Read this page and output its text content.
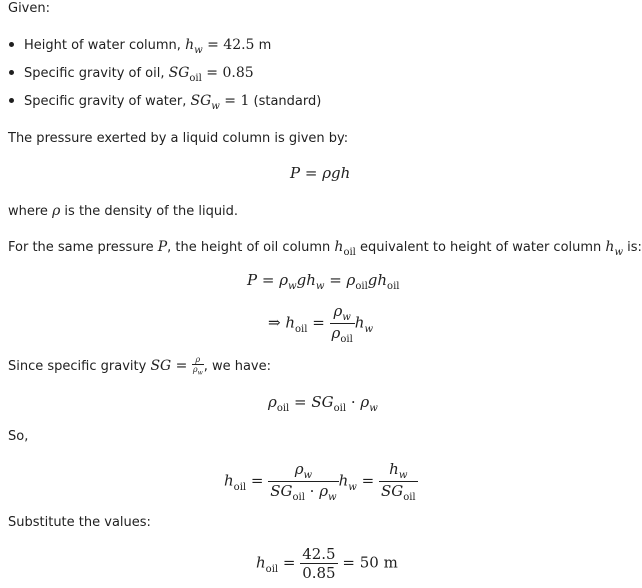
Given:
Height of water column, $h_w = 42.5$ m
Specific gravity of oil, $SG_{oil} = 0.85$
Specific gravity of water, $SG_w = 1$ (standard)
The pressure exerted by a liquid column is given by:
P = ρgh
where ρ is the density of the liquid.
For the same pressure P, the height of oil column $h_{oil}$ equivalent to height of water column $h_w$ is:
$P = \rho_wgh_w = \rho_{oil}gh_{oil}$
⇒ $h_{oil} = \frac{\rho_w}{\rho_{oil}} h_w$
Since specific gravity SG = $\frac{\rho}{\rho_w}$ , we have:
$\rho_{oil} = SG_{oil} \cdot \rho_w$
So,
$h_{oil} = \frac{\rho_w}{SG_{oil} \cdot \rho_w} h_w = \frac{h_w}{SG_{oil}}$
Substitute the values:
$h_{oil} = \frac{42.5}{0.85} = 50$ m
